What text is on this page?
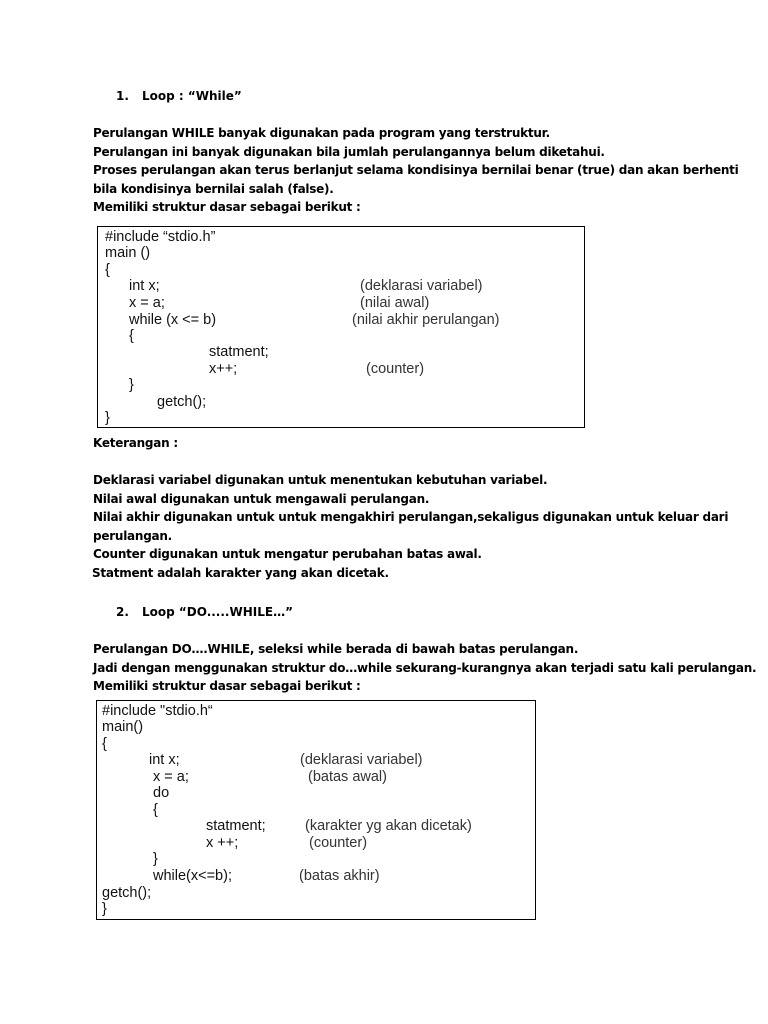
1. Loop : “While”
Perulangan WHILE banyak digunakan pada program yang terstruktur.
Perulangan ini banyak digunakan bila jumlah perulangannya belum diketahui.
Proses perulangan akan terus berlanjut selama kondisinya bernilai benar (true) dan akan berhenti
bila kondisinya bernilai salah (false).
Memiliki struktur dasar sebagai berikut :
#include “stdio.h”
main ()
{
int x;	(deklarasi variabel)
x = a;	(nilai awal)
while (x <= b)	(nilai akhir perulangan)
{
statment;
x++;	(counter)
}
getch();
}
Keterangan :
Deklarasi variabel digunakan untuk menentukan kebutuhan variabel.
Nilai awal digunakan untuk mengawali perulangan.
Nilai akhir digunakan untuk untuk mengakhiri perulangan,sekaligus digunakan untuk keluar dari
perulangan.
Counter digunakan untuk mengatur perubahan batas awal.
Statment adalah karakter yang akan dicetak.
2. Loop “DO.....WHILE…”
Perulangan DO….WHILE, seleksi while berada di bawah batas perulangan.
Jadi dengan menggunakan struktur do…while sekurang-kurangnya akan terjadi satu kali perulangan.
Memiliki struktur dasar sebagai berikut :
#include "stdio.h“
main()
{
int x;	(deklarasi variabel)
x = a;	(batas awal)
do
{
statment;	(karakter yg akan dicetak)
x ++;	(counter)
}
while(x<=b);	(batas akhir)
getch();
}
